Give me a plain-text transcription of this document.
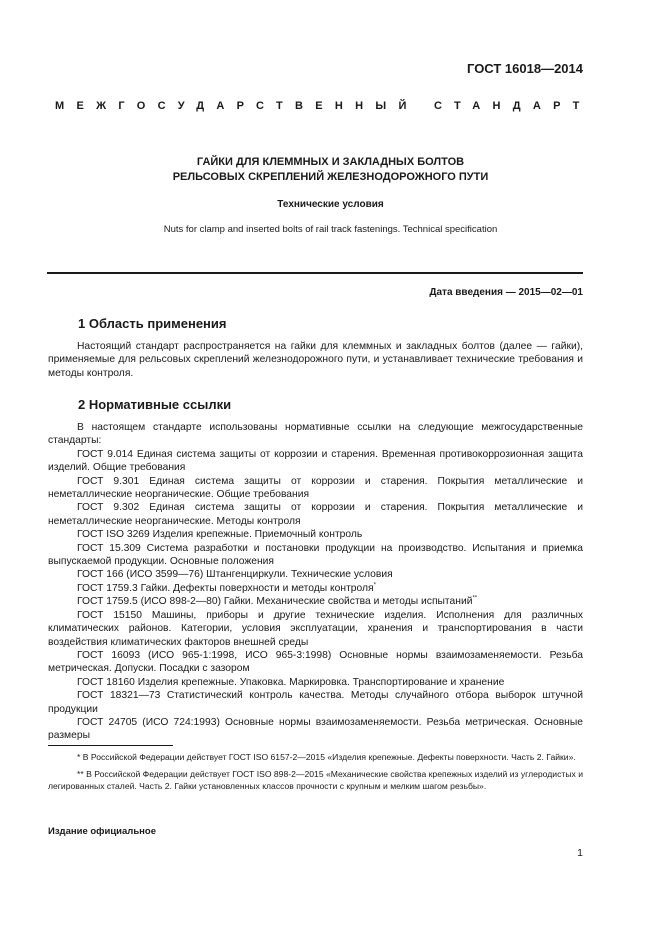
ГОСТ 16018—2014
МЕЖГОСУДАРСТВЕННЫЙ СТАНДАРТ
ГАЙКИ ДЛЯ КЛЕММНЫХ И ЗАКЛАДНЫХ БОЛТОВ
РЕЛЬСОВЫХ СКРЕПЛЕНИЙ ЖЕЛЕЗНОДОРОЖНОГО ПУТИ
Технические условия
Nuts for clamp and inserted bolts of rail track fastenings. Technical specification
Дата введения — 2015—02—01
1 Область применения

Настоящий стандарт распространяется на гайки для клеммных и закладных болтов (далее — гайки), применяемые для рельсовых скреплений железнодорожного пути, и устанавливает технические требования и методы контроля.

2 Нормативные ссылки

В настоящем стандарте использованы нормативные ссылки на следующие межгосударственные стандарты:

ГОСТ 9.014 Единая система защиты от коррозии и старения. Временная противокоррозионная защита изделий. Общие требования

ГОСТ 9.301 Единая система защиты от коррозии и старения. Покрытия металлические и неметаллические неорганические. Общие требования

ГОСТ 9.302 Единая система защиты от коррозии и старения. Покрытия металлические и неметаллические неорганические. Методы контроля

ГОСТ ISO 3269 Изделия крепежные. Приемочный контроль

ГОСТ 15.309 Система разработки и постановки продукции на производство. Испытания и приемка выпускаемой продукции. Основные положения

ГОСТ 166 (ИСО 3599—76) Штангенциркули. Технические условия

ГОСТ 1759.3 Гайки. Дефекты поверхности и методы контроля*

ГОСТ 1759.5 (ИСО 898-2—80) Гайки. Механические свойства и методы испытаний**

ГОСТ 15150 Машины, приборы и другие технические изделия. Исполнения для различных климатических районов. Категории, условия эксплуатации, хранения и транспортирования в части воздействия климатических факторов внешней среды

ГОСТ 16093 (ИСО 965-1:1998, ИСО 965-3:1998) Основные нормы взаимозаменяемости. Резьба метрическая. Допуски. Посадки с зазором

ГОСТ 18160 Изделия крепежные. Упаковка. Маркировка. Транспортирование и хранение

ГОСТ 18321—73 Статистический контроль качества. Методы случайного отбора выборок штучной продукции

ГОСТ 24705 (ИСО 724:1993) Основные нормы взаимозаменяемости. Резьба метрическая. Основные размеры

* В Российской Федерации действует ГОСТ ISO 6157-2—2015 «Изделия крепежные. Дефекты поверхности. Часть 2. Гайки».

** В Российской Федерации действует ГОСТ ISO 898-2—2015 «Механические свойства крепежных изделий из углеродистых и легированных сталей. Часть 2. Гайки установленных классов прочности с крупным и мелким шагом резьбы».

Издание официальное
1
